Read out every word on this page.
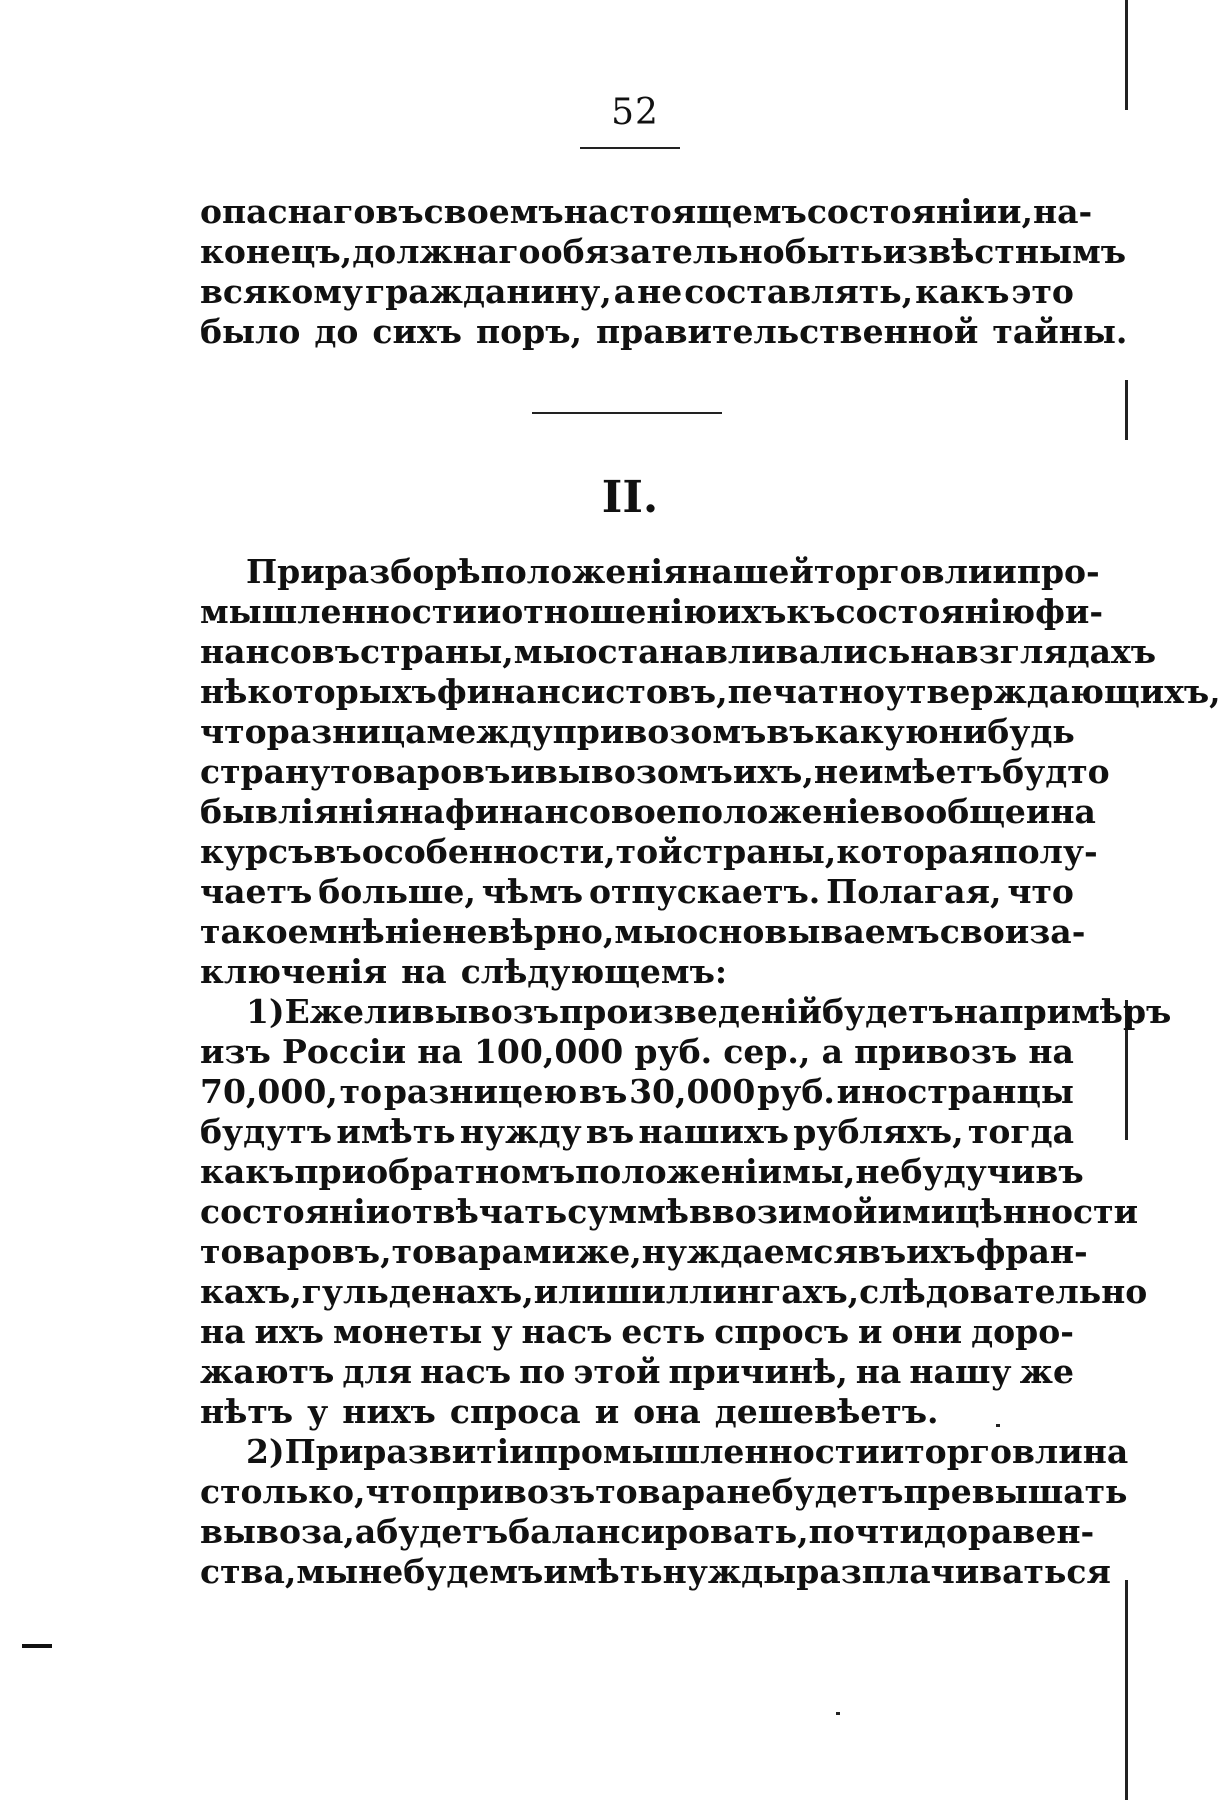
52
опаснаго въ своемъ настоящемъ состоянiи и, на-
конецъ, должнаго обязательно быть извѣстнымъ
всякому гражданину, а не составлять, какъ это
было до сихъ поръ, правительственной тайны.
II.
При разборѣ положенiя нашей торговли и про-
мышленности и отношенiю ихъ къ состоянiю фи-
нансовъ страны, мы останавливались на взглядахъ
нѣкоторыхъ финансистовъ, печатно утверждающихъ,
что разница между привозомъ въ какую нибудь
страну товаровъ и вывозомъ ихъ, не имѣетъ будто
бы влiянiя на финансовое положенiе вообще и на
курсъ въ особенности, той страны, которая полу-
чаетъ больше, чѣмъ отпускаетъ. Полагая, что
такое мнѣнiе невѣрно, мы основываемъ свои за-
ключенiя на слѣдующемъ:
1) Ежели вывозъ произведенiй будетъ напримѣръ
изъ Россiи на 100,000 руб. сер., а привозъ на
70,000, то разницею въ 30,000 руб. иностранцы
будутъ имѣть нужду въ нашихъ рубляхъ, тогда
какъ при обратномъ положенiи мы, не будучи въ
состоянiи отвѣчать суммѣ ввозимой ими цѣнности
товаровъ, товарами же, нуждаемся въ ихъ фран-
кахъ, гульденахъ, или шиллингахъ, слѣдовательно
на ихъ монеты у насъ есть спросъ и они доро-
жаютъ для насъ по этой причинѣ, на нашу же
нѣтъ у нихъ спроса и она дешевѣетъ.
2) При развитiи промышленности и торговли на
столько, что привозъ товара не будетъ превышать
вывоза, а будетъ балансировать, почти до равен-
ства, мы не будемъ имѣть нужды разплачиваться
